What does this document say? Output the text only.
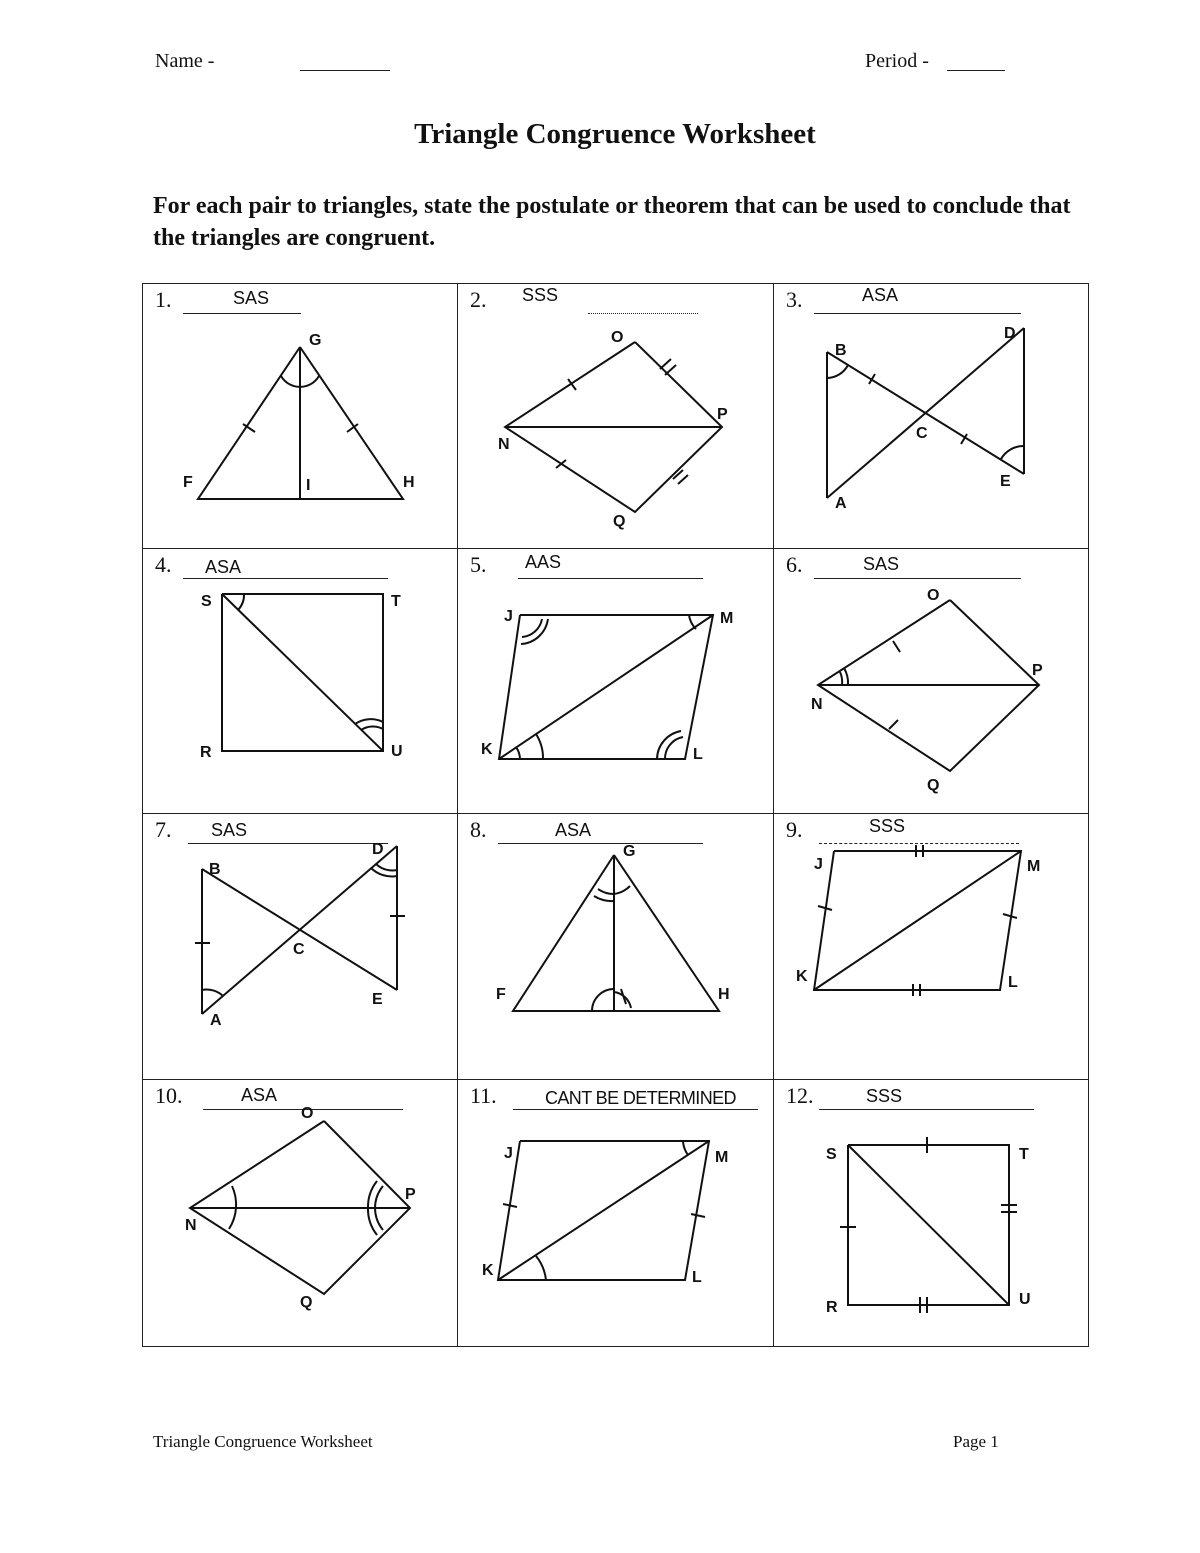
Name -	Period -
Triangle Congruence Worksheet
For each pair to triangles, state the postulate or theorem that can be used to conclude that the triangles are congruent.
1.	SAS
G
F	I	H
2. SSS
O
P
N
Q
3.	ASA
D
B
C
E
A
4. ASA
S	T
R	U
5. AAS
J	M
K	L
6.	SAS
O
P
N
Q
7. SAS
B
D
C
E
A
8.	ASA
G
F	H
9.	SSS
J	M
K	L
10.	ASA
O
P
N
Q
11.	CANT BE DETERMINED
J	M
K	L
12.	SSS
S	T
R	U
Triangle Congruence Worksheet	Page 1
